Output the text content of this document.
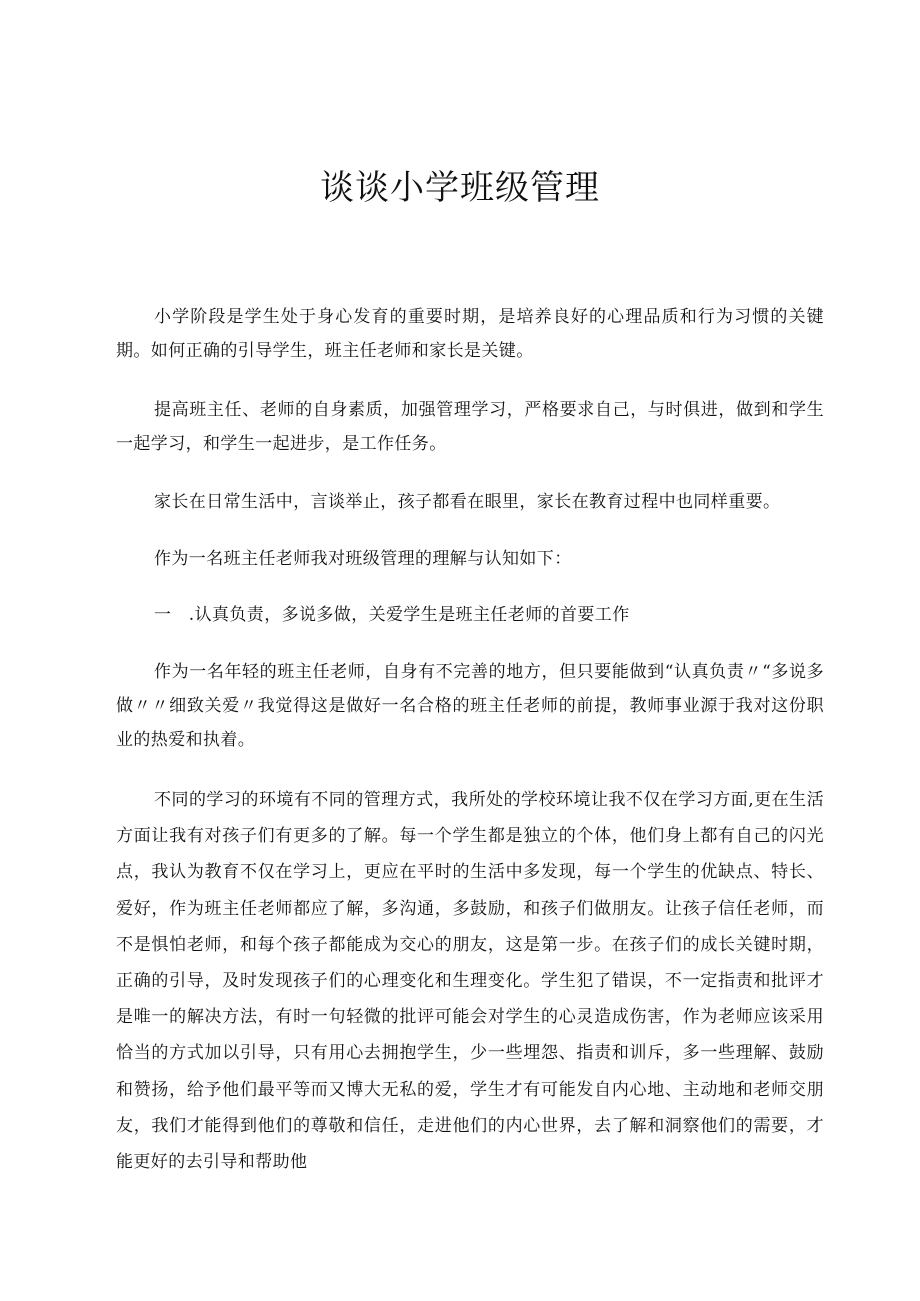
谈谈小学班级管理

小学阶段是学生处于身心发育的重要时期，是培养良好的心理品质和行为习惯的关键期。如何正确的引导学生，班主任老师和家长是关键。

提高班主任、老师的自身素质，加强管理学习，严格要求自己，与时俱进，做到和学生一起学习，和学生一起进步，是工作任务。

家长在日常生活中，言谈举止，孩子都看在眼里，家长在教育过程中也同样重要。

作为一名班主任老师我对班级管理的理解与认知如下：

一　.认真负责，多说多做，关爱学生是班主任老师的首要工作

作为一名年轻的班主任老师，自身有不完善的地方，但只要能做到“认真负责〃“多说多做〃〃细致关爱〃我觉得这是做好一名合格的班主任老师的前提，教师事业源于我对这份职业的热爱和执着。

不同的学习的环境有不同的管理方式，我所处的学校环境让我不仅在学习方面,更在生活方面让我有对孩子们有更多的了解。每一个学生都是独立的个体，他们身上都有自己的闪光点，我认为教育不仅在学习上，更应在平时的生活中多发现，每一个学生的优缺点、特长、爱好，作为班主任老师都应了解，多沟通，多鼓励，和孩子们做朋友。让孩子信任老师，而不是惧怕老师，和每个孩子都能成为交心的朋友，这是第一步。在孩子们的成长关键时期，正确的引导，及时发现孩子们的心理变化和生理变化。学生犯了错误，不一定指责和批评才是唯一的解决方法，有时一句轻微的批评可能会对学生的心灵造成伤害，作为老师应该采用恰当的方式加以引导，只有用心去拥抱学生，少一些埋怨、指责和训斥，多一些理解、鼓励和赞扬，给予他们最平等而又博大无私的爱，学生才有可能发自内心地、主动地和老师交朋友，我们才能得到他们的尊敬和信任，走进他们的内心世界，去了解和洞察他们的需要，才能更好的去引导和帮助他
